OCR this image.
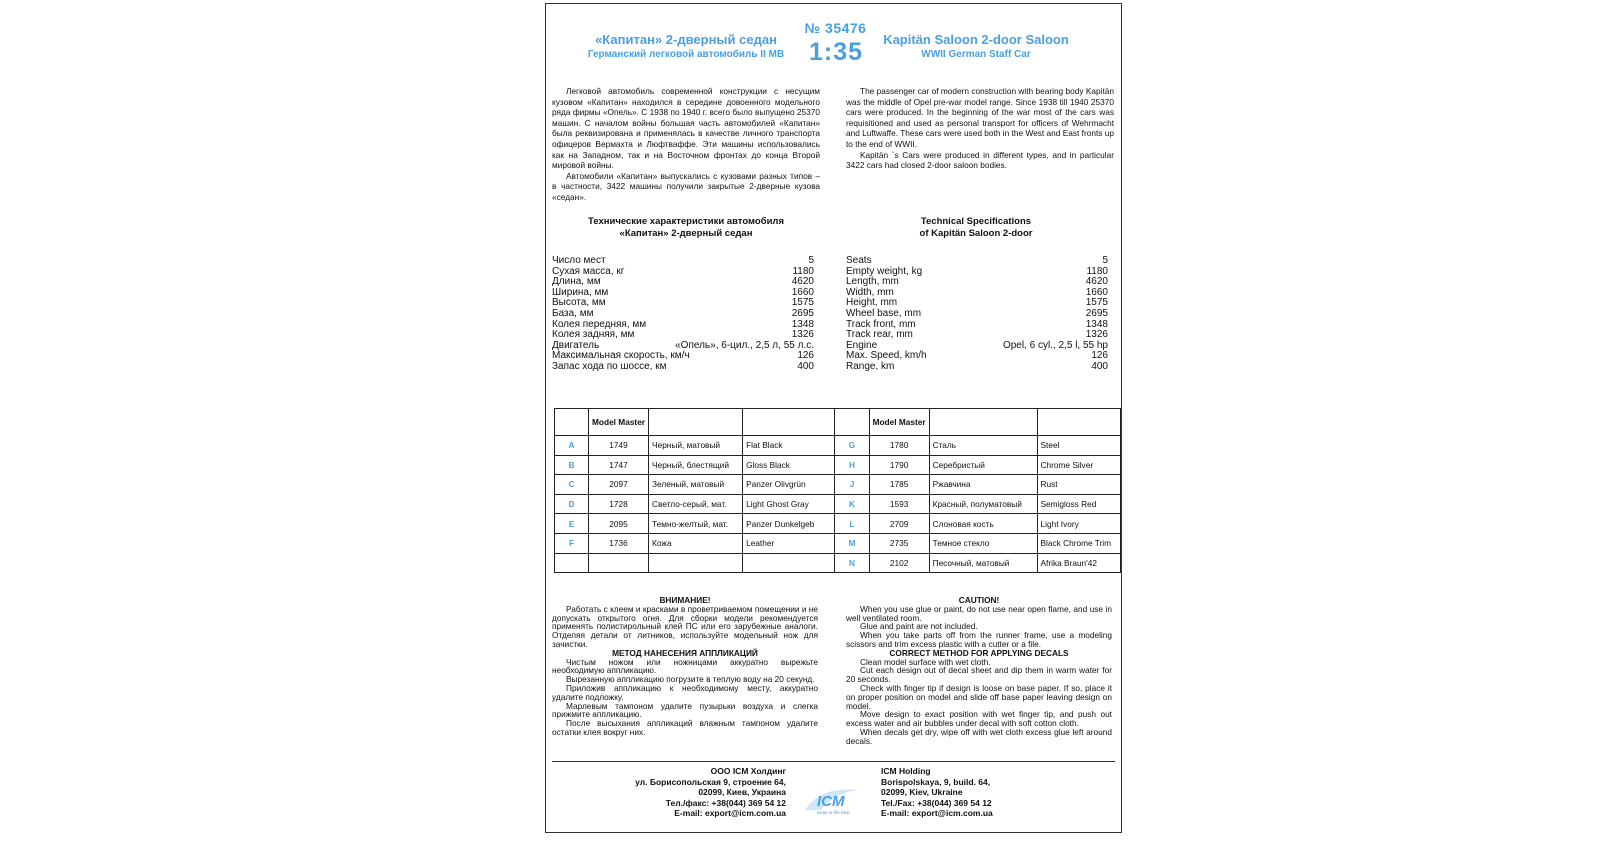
«Капитан» 2-дверный седан
Германский легковой автомобиль II МВ
№ 35476
1:35	Kapitän Saloon 2-door Saloon
WWII German Staff Car

Легковой автомобиль современной конструкции с несущим кузовом «Капитан» находился в середине довоенного модельного ряда фирмы «Опель». С 1938 по 1940 г. всего было выпущено 25370 машин. С началом войны большая часть автомобилей «Капитан» была реквизирована и применялась в качестве личного транспорта офицеров Вермахта и Люфтваффе. Эти машины использовались как на Западном, так и на Восточном фронтах до конца Второй мировой войны.

Автомобили «Капитан» выпускались с кузовами разных типов – в частности, 3422 машины получили закрытые 2-дверные кузова «седан».

The passenger car of modern construction with bearing body Kapitän was the middle of Opel pre-war model range. Since 1938 till 1940 25370 cars were produced. In the beginning of the war most of the cars was requisitioned and used as personal transport for officers of Wehrmacht and Luftwaffe. These cars were used both in the West and East fronts up to the end of WWII.

Kapitän `s Cars were produced in different types, and in particular 3422 cars had closed 2-door saloon bodies.

Технические характеристики автомобиля
«Капитан» 2-дверный седан
Technical Specifications
of Kapitän Saloon 2-door
Число мест	5
Сухая масса, кг	1180
Длина, мм	4620
Ширина, мм	1660
Высота, мм	1575
База, мм	2695
Колея передняя, мм	1348
Колея задняя, мм	1326
Двигатель	«Опель», 6-цил., 2,5 л, 55 л.с.
Максимальная скорость, км/ч	126
Запас хода по шоссе, км	400
Seats	5
Empty weight, kg	1180
Length, mm	4620
Width, mm	1660
Height, mm	1575
Wheel base, mm	2695
Track front, mm	1348
Track rear, mm	1326
Engine	Opel, 6 cyl., 2,5 l, 55 hp
Max. Speed, km/h	126
Range, km	400
	Model Master				Model Master		
A	1749	Черный, матовый	Flat Black	G	1780	Сталь	Steel
B	1747	Черный, блестящий	Gloss Black	H	1790	Серебристый	Chrome Silver
C	2097	Зеленый, матовый	Panzer Olivgrün	J	1785	Ржавчина	Rust
D	1728	Светло-серый, мат.	Light Ghost Gray	K	1593	Красный, полуматовый	Semigloss Red
E	2095	Темно-желтый, мат.	Panzer Dunkelgeb	L	2709	Слоновая кость	Light Ivory
F	1736	Кожа	Leather	M	2735	Темное стекло	Black Chrome Trim
				N	2102	Песочный, матовый	Afrika Braun'42

ВНИМАНИЕ!

Работать с клеем и красками в проветриваемом помещении и не допускать открытого огня. Для сборки модели рекомендуется применять полистирольный клей ПС или его зарубежные аналоги. Отделяя детали от литников, используйте модельный нож для зачистки.

МЕТОД НАНЕСЕНИЯ АППЛИКАЦИЙ

Чистым ножом или ножницами аккуратно вырежьте необходимую аппликацию.

Вырезанную аппликацию погрузите в теплую воду на 20 секунд.

Приложив аппликацию к необходимому месту, аккуратно удалите подложку.

Марлевым тампоном удалите пузырьки воздуха и слегка прижмите аппликацию.

После высыхания аппликаций влажным тампоном удалите остатки клея вокруг них.

CAUTION!

When you use glue or paint, do not use near open flame, and use in well ventilated room.

Glue and paint are not included.

When you take parts off from the runner frame, use a modeling scissors and trim excess plastic with a cutter or a file.

CORRECT METHOD FOR APPLYING DECALS

Clean model surface with wet cloth.

Cut each design out of decal sheet and dip them in warm water for 20 seconds.

Check with finger tip if design is loose on base paper. If so, place it on proper position on model and slide off base paper leaving design on model.

Move design to exact position with wet finger tip, and push out excess water and air bubbles under decal with soft cotton cloth.

When decals get dry, wipe off with wet cloth excess glue left around decals.

ООО ICM Холдинг
ул. Борисопольская 9, строение 64,
02099, Киев, Украина
Тел./факс: +38(044) 369 54 12
E-mail: export@icm.com.ua
ICM
Keep in the best
ICM Holding
Borispolskaya, 9, build. 64,
02099, Kiev, Ukraine
Tel./Fax: +38(044) 369 54 12
E-mail: export@icm.com.ua
